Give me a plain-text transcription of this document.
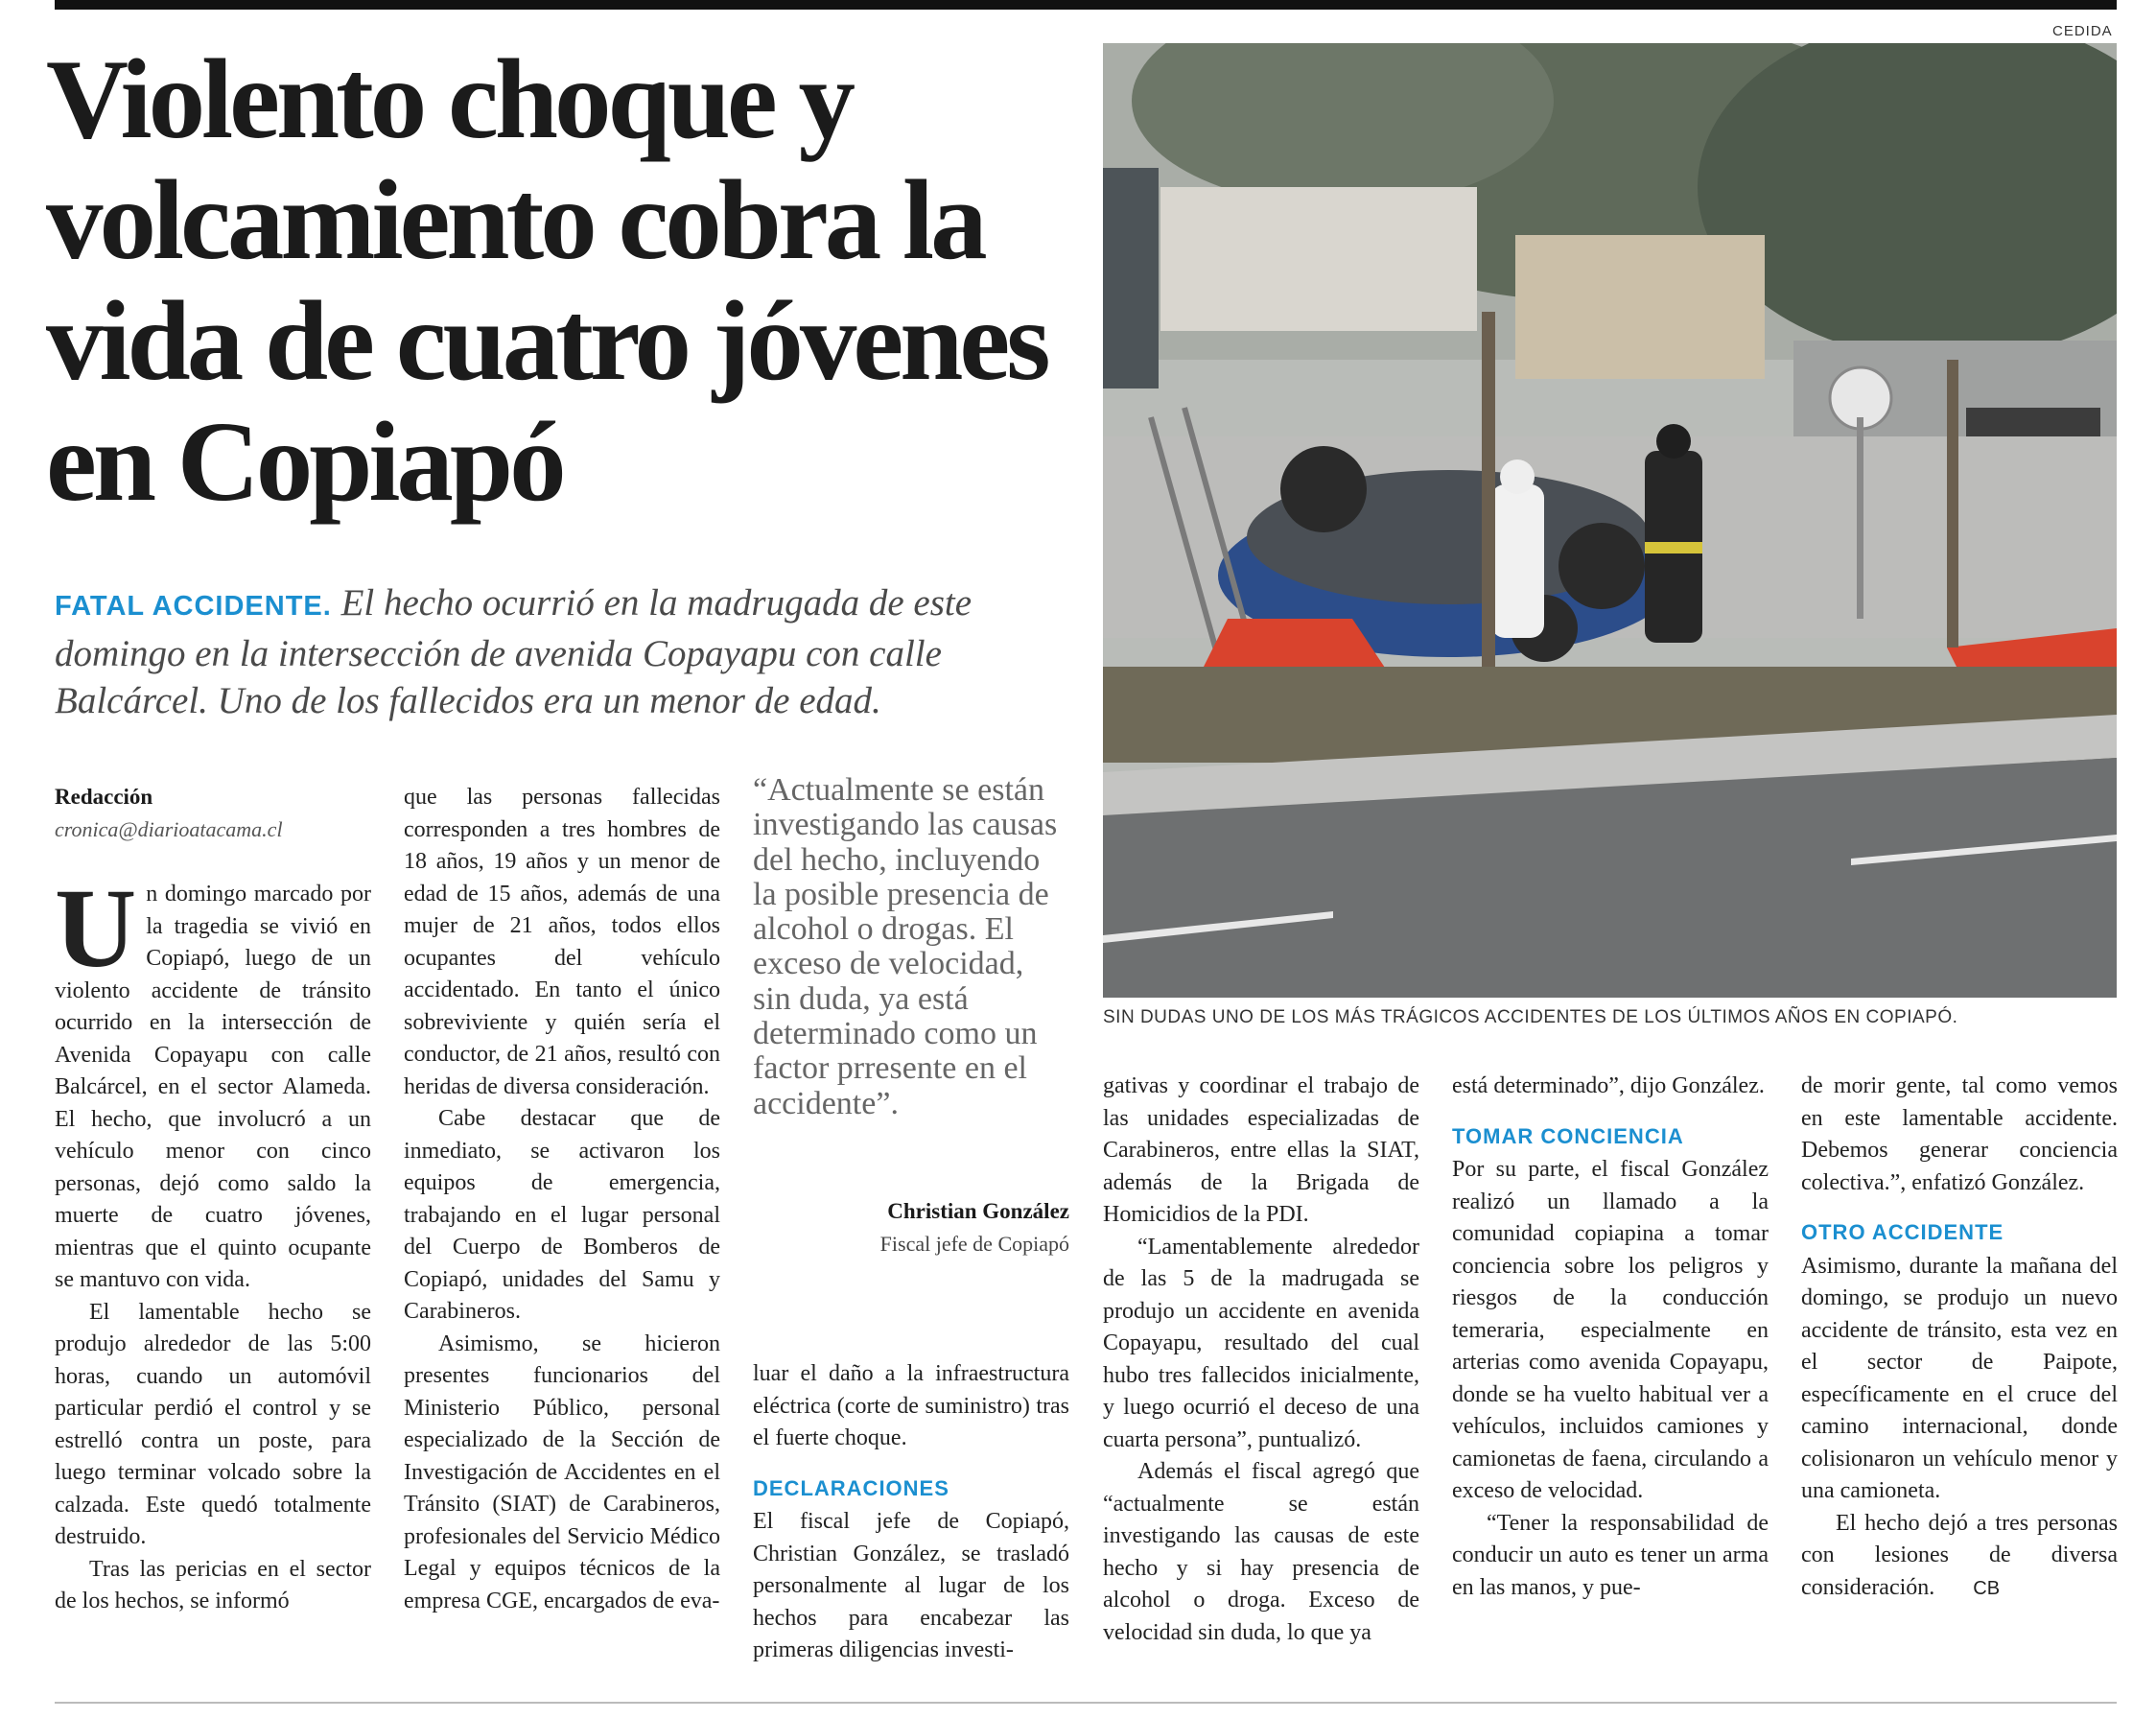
CEDIDA
Violento choque y volcamiento cobra la vida de cuatro jóvenes en Copiapó

FATAL ACCIDENTE. El hecho ocurrió en la madrugada de este domingo en la intersección de avenida Copayapu con calle Balcárcel. Uno de los fallecidos era un menor de edad.

SIN DUDAS UNO DE LOS MÁS TRÁGICOS ACCIDENTES DE LOS ÚLTIMOS AÑOS EN COPIAPÓ.
Redacción
cronica@diarioatacama.cl

Un domingo marcado por la tragedia se vivió en Copiapó, luego de un violento accidente de tránsito ocurrido en la intersección de Avenida Copayapu con calle Balcárcel, en el sector Alameda. El hecho, que involucró a un vehículo menor con cinco personas, dejó como saldo la muerte de cuatro jóvenes, mientras que el quinto ocupante se mantuvo con vida.

El lamentable hecho se produjo alrededor de las 5:00 horas, cuando un automóvil particular perdió el control y se estrelló contra un poste, para luego terminar volcado sobre la calzada. Este quedó totalmente destruido.

Tras las pericias en el sector de los hechos, se informó

que las personas fallecidas corresponden a tres hombres de 18 años, 19 años y un menor de edad de 15 años, además de una mujer de 21 años, todos ellos ocupantes del vehículo accidentado. En tanto el único sobreviviente y quién sería el conductor, de 21 años, resultó con heridas de diversa consideración.

Cabe destacar que de inmediato, se activaron los equipos de emergencia, trabajando en el lugar personal del Cuerpo de Bomberos de Copiapó, unidades del Samu y Carabineros.

Asimismo, se hicieron presentes funcionarios del Ministerio Público, personal especializado de la Sección de Investigación de Accidentes en el Tránsito (SIAT) de Carabineros, profesionales del Servicio Médico Legal y equipos técnicos de la empresa CGE, encargados de eva-

“Actualmente se están investigando las causas del hecho, incluyendo la posible presencia de alcohol o drogas. El exceso de velocidad, sin duda, ya está determinado como un factor prresente en el accidente”.

Christian González
Fiscal jefe de Copiapó

luar el daño a la infraestructura eléctrica (corte de suministro) tras el fuerte choque.

DECLARACIONES

El fiscal jefe de Copiapó, Christian González, se trasladó personalmente al lugar de los hechos para encabezar las primeras diligencias investi-

gativas y coordinar el trabajo de las unidades especializadas de Carabineros, entre ellas la SIAT, además de la Brigada de Homicidios de la PDI.

“Lamentablemente alrededor de las 5 de la madrugada se produjo un accidente en avenida Copayapu, resultado del cual hubo tres fallecidos inicialmente, y luego ocurrió el deceso de una cuarta persona”, puntualizó.

Además el fiscal agregó que “actualmente se están investigando las causas de este hecho y si hay presencia de alcohol o droga. Exceso de velocidad sin duda, lo que ya

está determinado”, dijo González.

TOMAR CONCIENCIA

Por su parte, el fiscal González realizó un llamado a la comunidad copiapina a tomar conciencia sobre los peligros y riesgos de la conducción temeraria, especialmente en arterias como avenida Copayapu, donde se ha vuelto habitual ver a vehículos, incluidos camiones y camionetas de faena, circulando a exceso de velocidad.

“Tener la responsabilidad de conducir un auto es tener un arma en las manos, y pue-

de morir gente, tal como vemos en este lamentable accidente. Debemos generar conciencia colectiva.”, enfatizó González.

OTRO ACCIDENTE

Asimismo, durante la mañana del domingo, se produjo un nuevo accidente de tránsito, esta vez en el sector de Paipote, específicamente en el cruce del camino internacional, donde colisionaron un vehículo menor y una camioneta.

El hecho dejó a tres personas con lesiones de diversa consideración. CB
